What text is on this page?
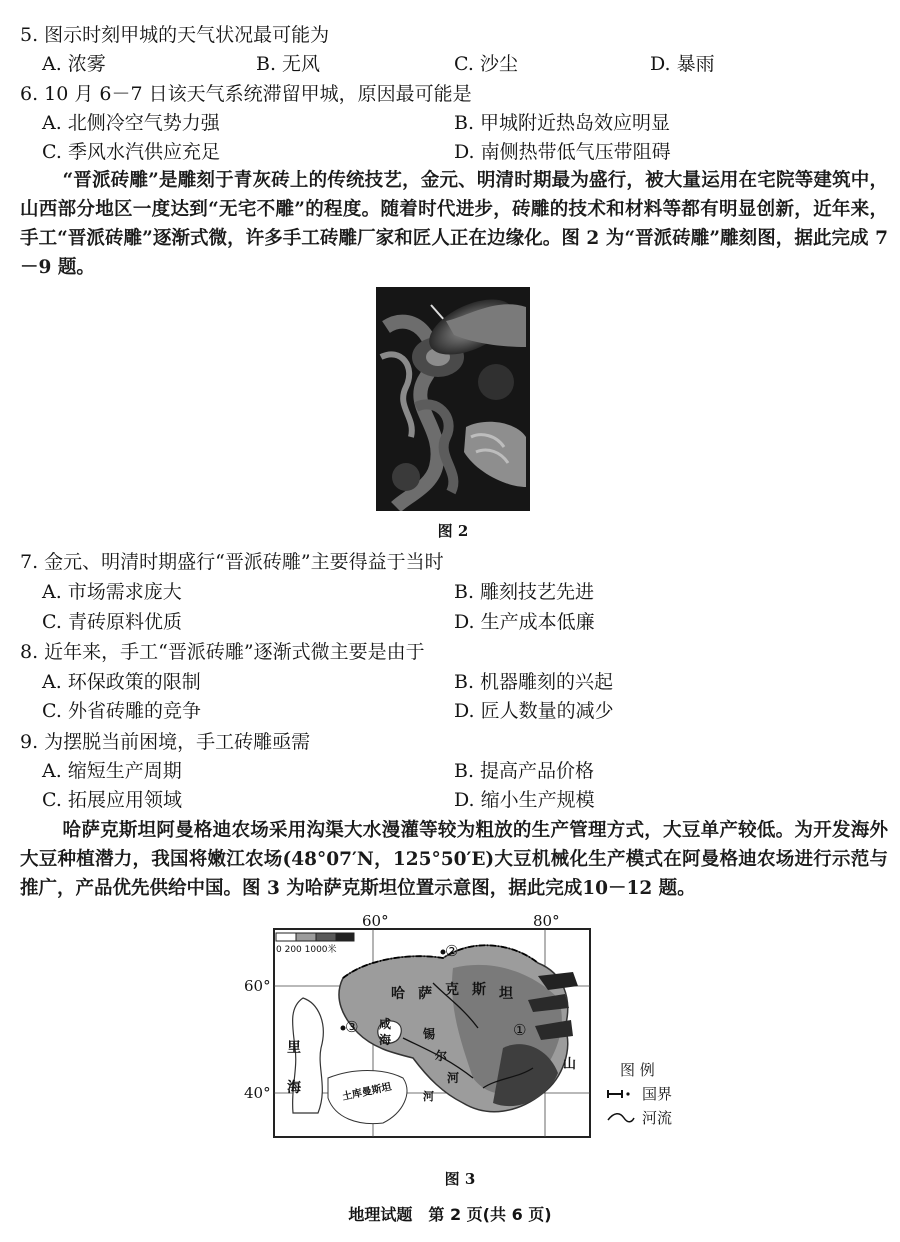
5. 图示时刻甲城的天气状况最可能为
A. 浓雾	B. 无风	C. 沙尘	D. 暴雨
6. 10 月 6－7 日该天气系统滞留甲城，原因最可能是
A. 北侧冷空气势力强	B. 甲城附近热岛效应明显
C. 季风水汽供应充足	D. 南侧热带低气压带阻碍
“晋派砖雕”是雕刻于青灰砖上的传统技艺，金元、明清时期最为盛行，被大量运用在宅院等建筑中，山西部分地区一度达到“无宅不雕”的程度。随着时代进步，砖雕的技术和材料等都有明显创新，近年来，手工“晋派砖雕”逐渐式微，许多手工砖雕厂家和匠人正在边缘化。图 2 为“晋派砖雕”雕刻图，据此完成 7－9 题。
图 2
7. 金元、明清时期盛行“晋派砖雕”主要得益于当时
A. 市场需求庞大	B. 雕刻技艺先进
C. 青砖原料优质	D. 生产成本低廉
8. 近年来，手工“晋派砖雕”逐渐式微主要是由于
A. 环保政策的限制	B. 机器雕刻的兴起
C. 外省砖雕的竞争	D. 匠人数量的减少
9. 为摆脱当前困境，手工砖雕亟需
A. 缩短生产周期	B. 提高产品价格
C. 拓展应用领域	D. 缩小生产规模
哈萨克斯坦阿曼格迪农场采用沟渠大水漫灌等较为粗放的生产管理方式，大豆单产较低。为开发海外大豆种植潜力，我国将嫩江农场(48°07′N，125°50′E)大豆机械化生产模式在阿曼格迪农场进行示范与推广，产品优先供给中国。图 3 为哈萨克斯坦位置示意图，据此完成10－12 题。
0 200 1000米
哈 萨 克 斯 坦
里
海
咸
海	锡
尔
河
土库曼斯坦
山
河
①
②
③
60°	80°
60°
40°
图 例
国界
河流
图 3
地理试题　第 2 页(共 6 页)
